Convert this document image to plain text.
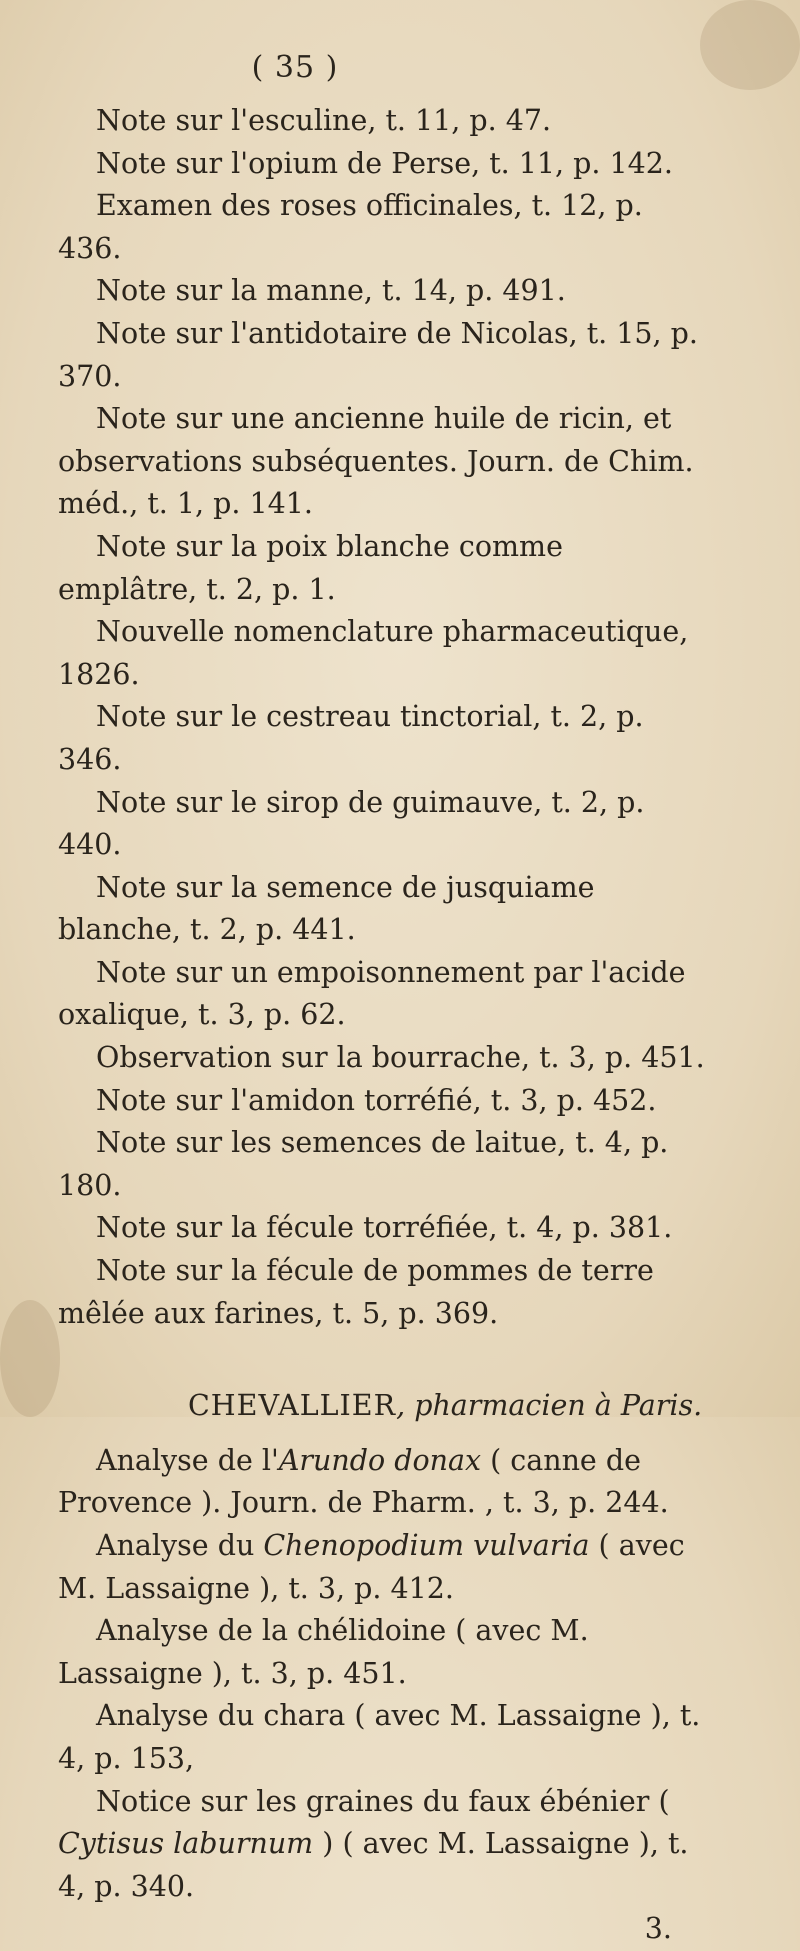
( 35 )

Note sur l'esculine, t. 11, p. 47.

Note sur l'opium de Perse, t. 11, p. 142.

Examen des roses officinales, t. 12, p. 436.

Note sur la manne, t. 14, p. 491.

Note sur l'antidotaire de Nicolas, t. 15, p. 370.

Note sur une ancienne huile de ricin, et observations subséquentes. Journ. de Chim. méd., t. 1, p. 141.

Note sur la poix blanche comme emplâtre, t. 2, p. 1.

Nouvelle nomenclature pharmaceutique, 1826.

Note sur le cestreau tinctorial, t. 2, p. 346.

Note sur le sirop de guimauve, t. 2, p. 440.

Note sur la semence de jusquiame blanche, t. 2, p. 441.

Note sur un empoisonnement par l'acide oxalique, t. 3, p. 62.

Observation sur la bourrache, t. 3, p. 451.

Note sur l'amidon torréfié, t. 3, p. 452.

Note sur les semences de laitue, t. 4, p. 180.

Note sur la fécule torréfiée, t. 4, p. 381.

Note sur la fécule de pommes de terre mêlée aux farines, t. 5, p. 369.

CHEVALLIER, pharmacien à Paris.

Analyse de l'Arundo donax ( canne de Provence ). Journ. de Pharm. , t. 3, p. 244.

Analyse du Chenopodium vulvaria ( avec M. Lassaigne ), t. 3, p. 412.

Analyse de la chélidoine ( avec M. Lassaigne ), t. 3, p. 451.

Analyse du chara ( avec M. Lassaigne ), t. 4, p. 153,

Notice sur les graines du faux ébénier ( Cytisus laburnum ) ( avec M. Lassaigne ), t. 4, p. 340.

3.
